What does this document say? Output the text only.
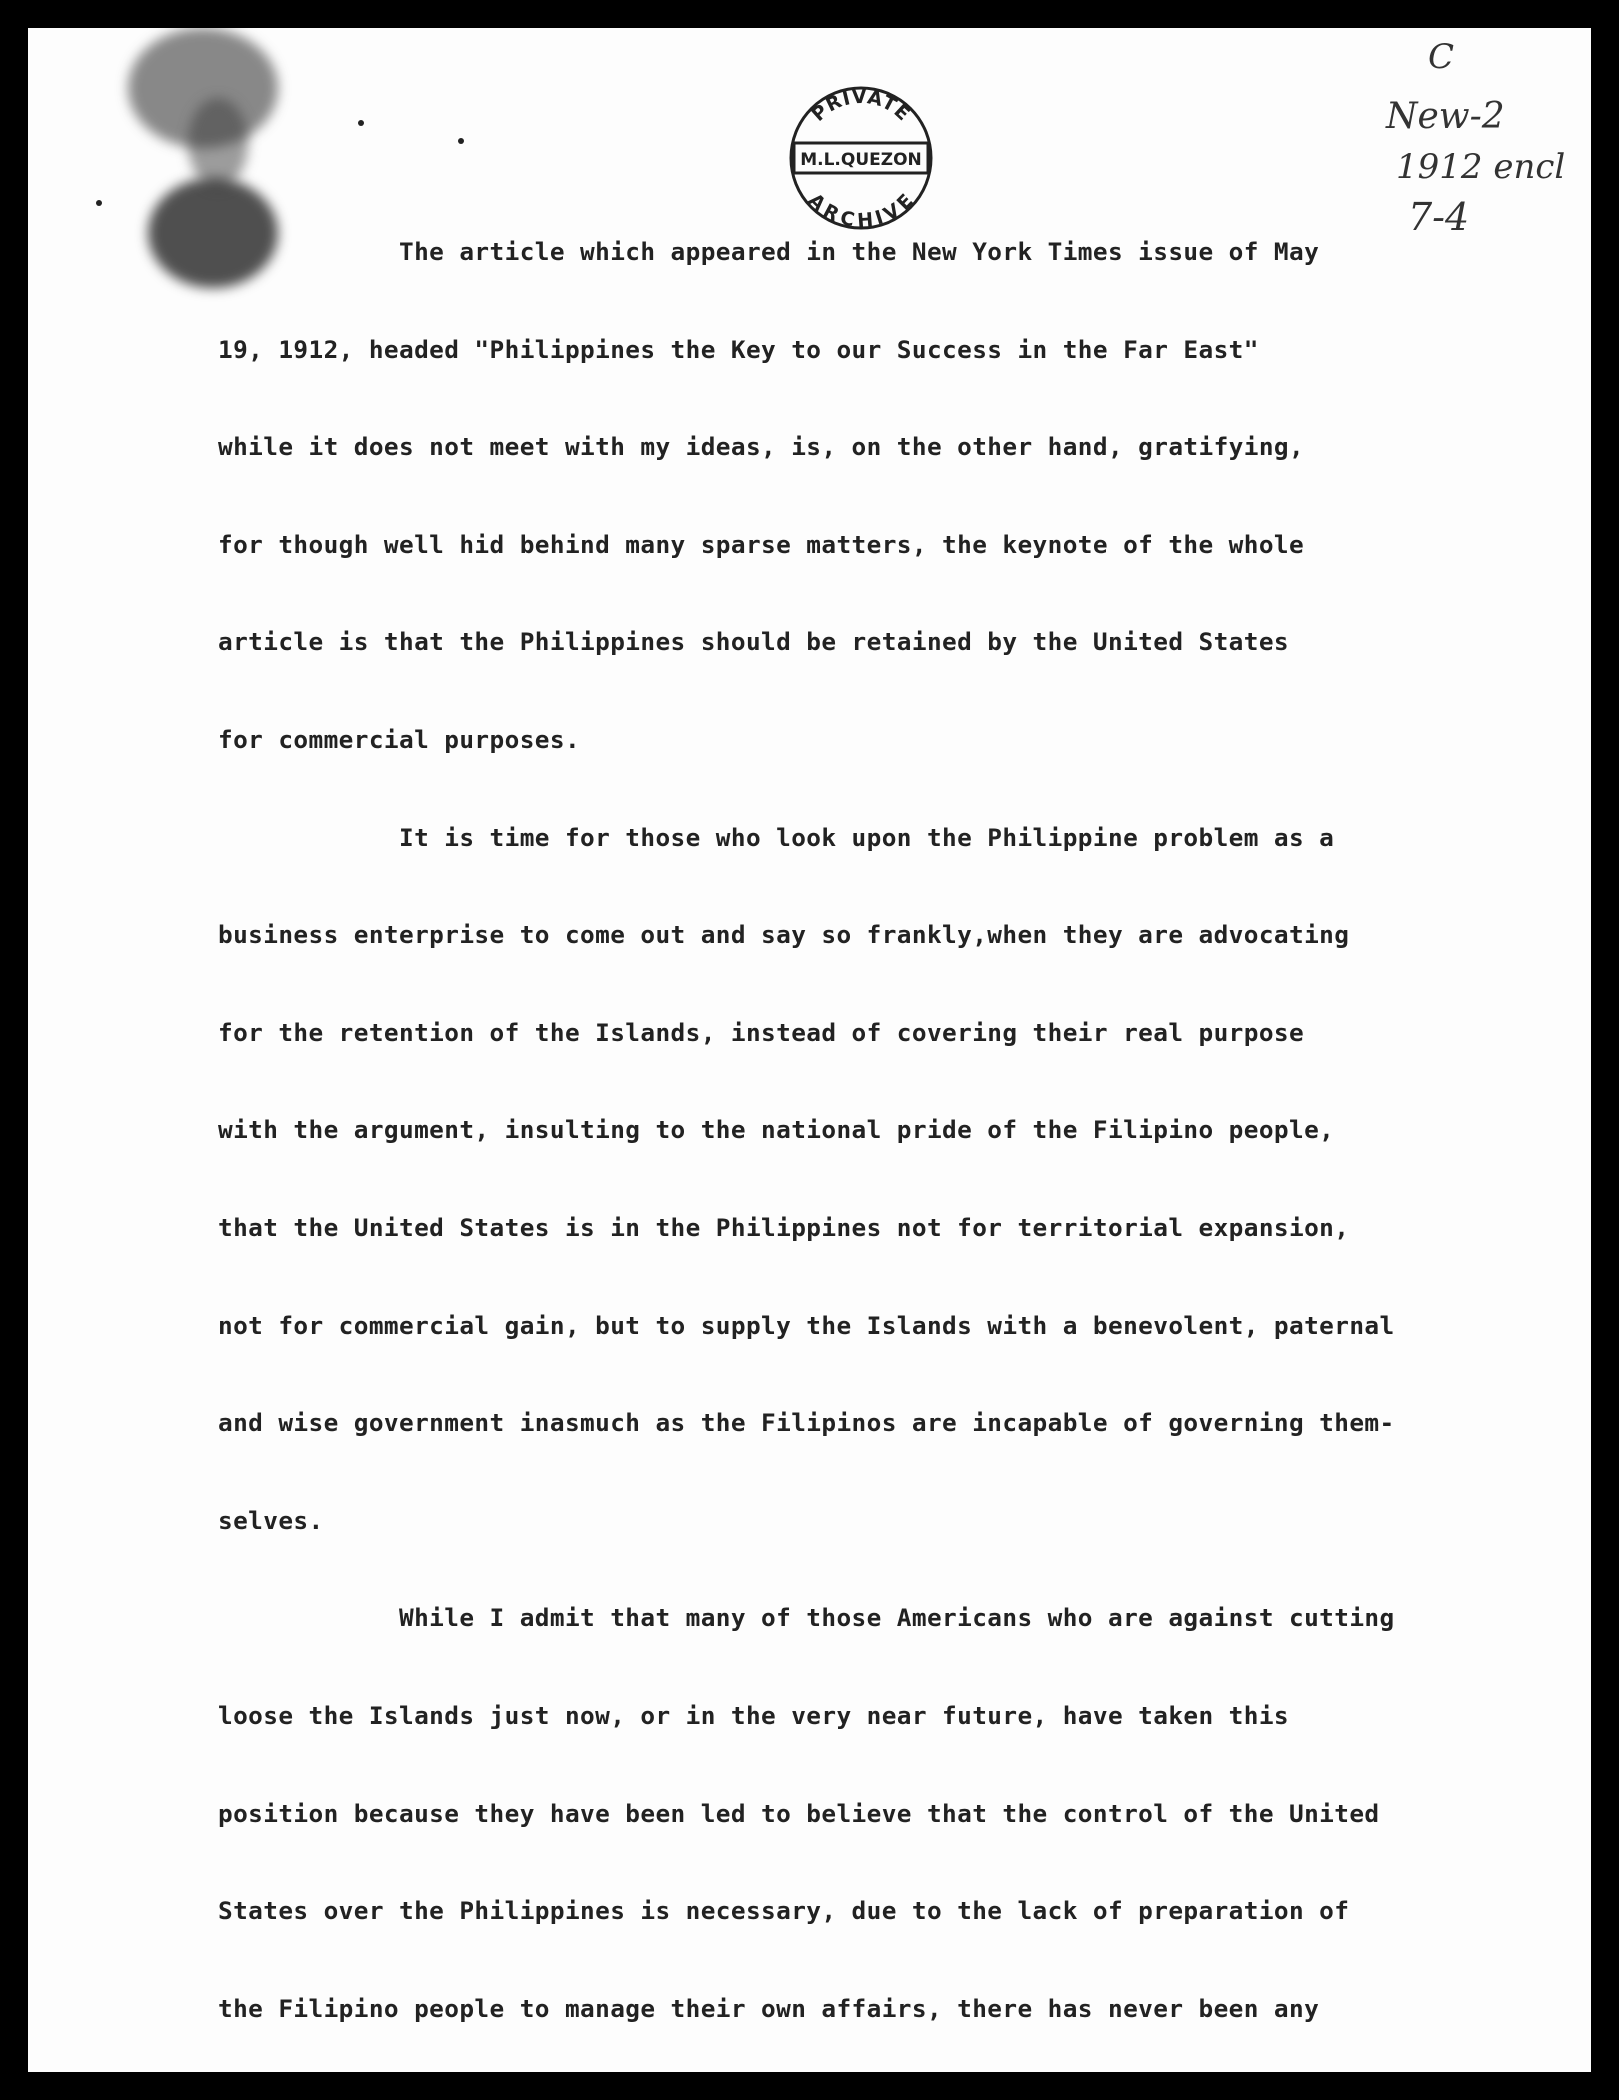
PRIVATE
M.L.QUEZON
ARCHIVE
C
New-2
1912 encl
7-4
The article which appeared in the New York Times issue of May
19, 1912, headed "Philippines the Key to our Success in the Far East"
while it does not meet with my ideas, is, on the other hand, gratifying,
for though well hid behind many sparse matters, the keynote of the whole
article is that the Philippines should be retained by the United States
for commercial purposes.
It is time for those who look upon the Philippine problem as a
business enterprise to come out and say so frankly,when they are advocating
for the retention of the Islands, instead of covering their real purpose
with the argument, insulting to the national pride of the Filipino people,
that the United States is in the Philippines not for territorial expansion,
not for commercial gain, but to supply the Islands with a benevolent, paternal
and wise government inasmuch as the Filipinos are incapable of governing them-
selves.
While I admit that many of those Americans who are against cutting
loose the Islands just now, or in the very near future, have taken this
position because they have been led to believe that the control of the United
States over the Philippines is necessary, due to the lack of preparation of
the Filipino people to manage their own affairs, there has never been any
